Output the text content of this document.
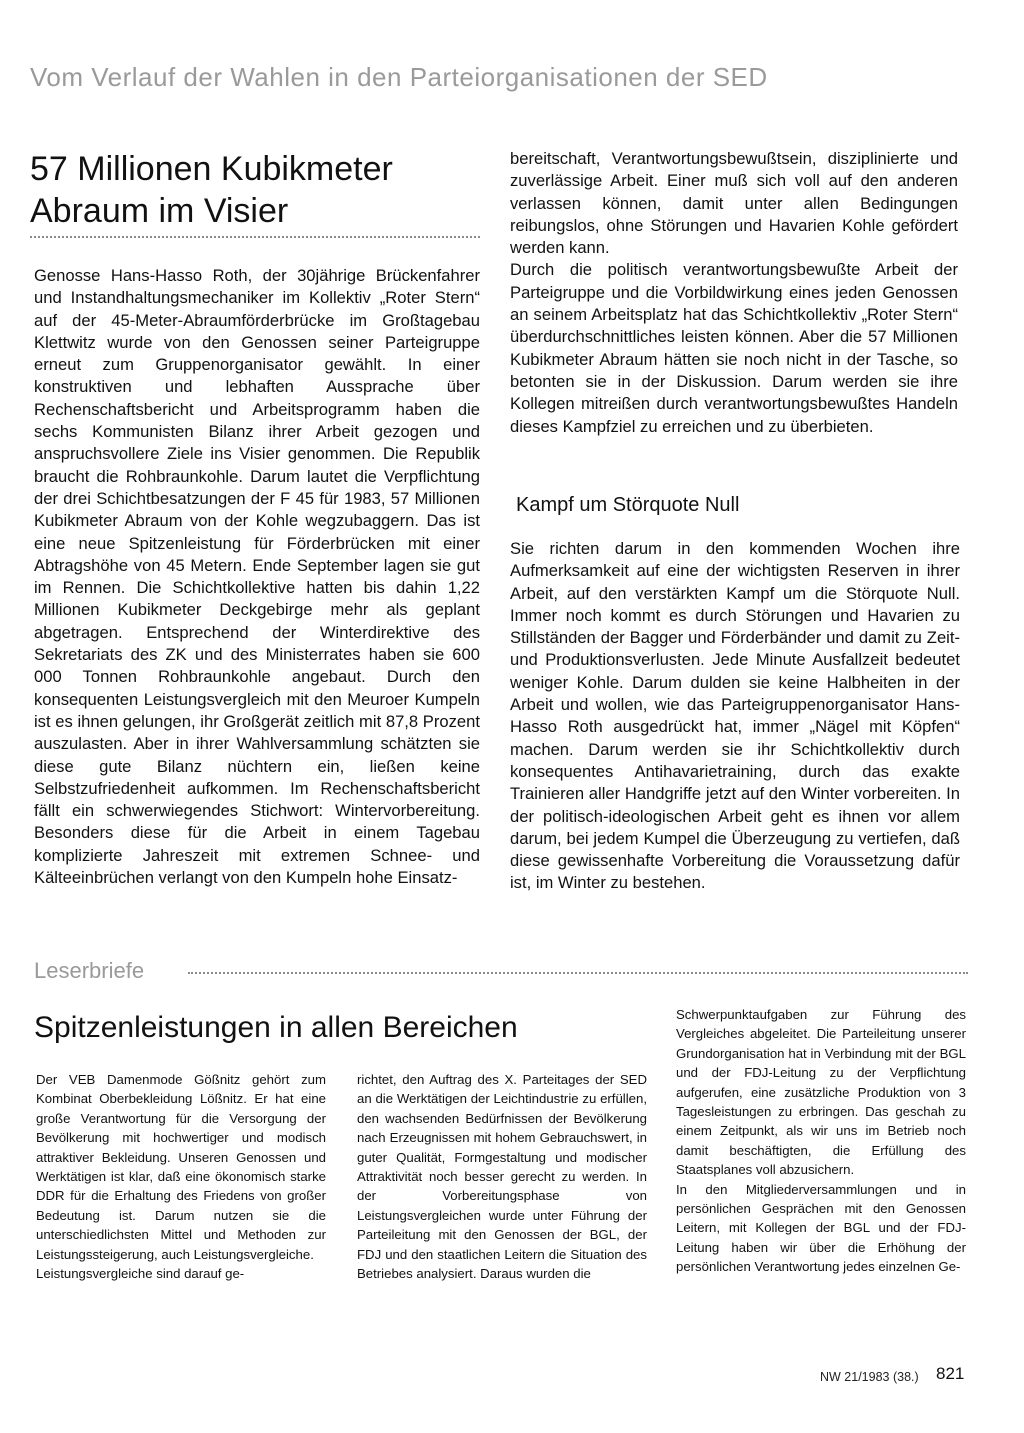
Vom Verlauf der Wahlen in den Parteiorganisationen der SED
57 Millionen Kubikmeter
Abraum im Visier

Genosse Hans-Hasso Roth, der 30jährige Brückenfahrer und Instandhaltungsmechaniker im Kollektiv „Roter Stern“ auf der 45-Meter-Abraumförderbrücke im Großtagebau Klettwitz wurde von den Genossen seiner Parteigruppe erneut zum Gruppenorganisator gewählt. In einer konstruktiven und lebhaften Aussprache über Rechenschaftsbericht und Arbeitsprogramm haben die sechs Kommunisten Bilanz ihrer Arbeit gezogen und anspruchsvollere Ziele ins Visier genommen. Die Republik braucht die Rohbraunkohle. Darum lautet die Verpflichtung der drei Schichtbesatzungen der F 45 für 1983, 57 Millionen Kubikmeter Abraum von der Kohle wegzubaggern. Das ist eine neue Spitzenleistung für Förderbrücken mit einer Abtragshöhe von 45 Metern. Ende September lagen sie gut im Rennen. Die Schichtkollektive hatten bis dahin 1,22 Millionen Kubikmeter Deckgebirge mehr als geplant abgetragen. Entsprechend der Winterdirektive des Sekretariats des ZK und des Ministerrates haben sie 600 000 Tonnen Rohbraunkohle angebaut. Durch den konsequenten Leistungsvergleich mit den Meuroer Kumpeln ist es ihnen gelungen, ihr Großgerät zeitlich mit 87,8 Prozent auszulasten. Aber in ihrer Wahlversammlung schätzten sie diese gute Bilanz nüchtern ein, ließen keine Selbstzufriedenheit aufkommen. Im Rechenschaftsbericht fällt ein schwerwiegendes Stichwort: Wintervorbereitung. Besonders diese für die Arbeit in einem Tagebau komplizierte Jahreszeit mit extremen Schnee- und Kälteeinbrüchen verlangt von den Kumpeln hohe Einsatz-

bereitschaft, Verantwortungsbewußtsein, disziplinierte und zuverlässige Arbeit. Einer muß sich voll auf den anderen verlassen können, damit unter allen Bedingungen reibungslos, ohne Störungen und Havarien Kohle gefördert werden kann.

Durch die politisch verantwortungsbewußte Arbeit der Parteigruppe und die Vorbildwirkung eines jeden Genossen an seinem Arbeitsplatz hat das Schichtkollektiv „Roter Stern“ überdurchschnittliches leisten können. Aber die 57 Millionen Kubikmeter Abraum hätten sie noch nicht in der Tasche, so betonten sie in der Diskussion. Darum werden sie ihre Kollegen mitreißen durch verantwortungsbewußtes Handeln dieses Kampfziel zu erreichen und zu überbieten.

Kampf um Störquote Null

Sie richten darum in den kommenden Wochen ihre Aufmerksamkeit auf eine der wichtigsten Reserven in ihrer Arbeit, auf den verstärkten Kampf um die Störquote Null. Immer noch kommt es durch Störungen und Havarien zu Stillständen der Bagger und Förderbänder und damit zu Zeit- und Produktionsverlusten. Jede Minute Ausfallzeit bedeutet weniger Kohle. Darum dulden sie keine Halbheiten in der Arbeit und wollen, wie das Parteigruppenorganisator Hans-Hasso Roth ausgedrückt hat, immer „Nägel mit Köpfen“ machen. Darum werden sie ihr Schichtkollektiv durch konsequentes Antihavarietraining, durch das exakte Trainieren aller Handgriffe jetzt auf den Winter vorbereiten. In der politisch-ideologischen Arbeit geht es ihnen vor allem darum, bei jedem Kumpel die Überzeugung zu vertiefen, daß diese gewissenhafte Vorbereitung die Voraussetzung dafür ist, im Winter zu bestehen.

Leserbriefe
Spitzenleistungen in allen Bereichen

Der VEB Damenmode Gößnitz gehört zum Kombinat Oberbekleidung Lößnitz. Er hat eine große Verantwortung für die Versorgung der Bevölkerung mit hochwertiger und modisch attraktiver Bekleidung. Unseren Genossen und Werktätigen ist klar, daß eine ökonomisch starke DDR für die Erhaltung des Friedens von großer Bedeutung ist. Darum nutzen sie die unterschiedlichsten Mittel und Methoden zur Leistungssteigerung, auch Leistungsvergleiche.

Leistungsvergleiche sind darauf ge-

richtet, den Auftrag des X. Parteitages der SED an die Werktätigen der Leichtindustrie zu erfüllen, den wachsenden Bedürfnissen der Bevölkerung nach Erzeugnissen mit hohem Gebrauchswert, in guter Qualität, Formgestaltung und modischer Attraktivität noch besser gerecht zu werden. In der Vorbereitungsphase von Leistungsvergleichen wurde unter Führung der Parteileitung mit den Genossen der BGL, der FDJ und den staatlichen Leitern die Situation des Betriebes analysiert. Daraus wurden die

Schwerpunktaufgaben zur Führung des Vergleiches abgeleitet. Die Parteileitung unserer Grundorganisation hat in Verbindung mit der BGL und der FDJ-Leitung zu der Verpflichtung aufgerufen, eine zusätzliche Produktion von 3 Tagesleistungen zu erbringen. Das geschah zu einem Zeitpunkt, als wir uns im Betrieb noch damit beschäftigten, die Erfüllung des Staatsplanes voll abzusichern.

In den Mitgliederversammlungen und in persönlichen Gesprächen mit den Genossen Leitern, mit Kollegen der BGL und der FDJ-Leitung haben wir über die Erhöhung der persönlichen Verantwortung jedes einzelnen Ge-

NW 21/1983 (38.) 821
